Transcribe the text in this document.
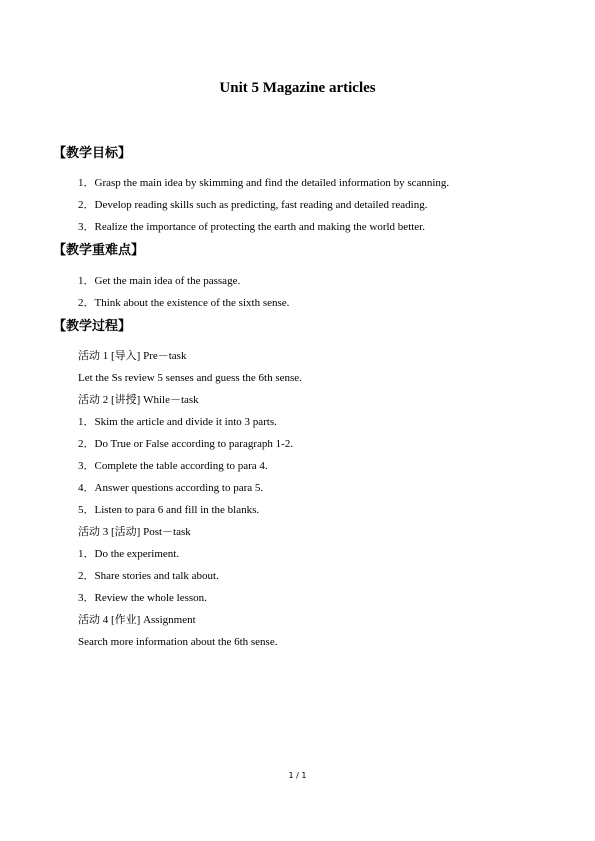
Unit 5 Magazine articles
【教学目标】
1．Grasp the main idea by skimming and find the detailed information by scanning.
2．Develop reading skills such as predicting, fast reading and detailed reading.
3．Realize the importance of protecting the earth and making the world better.
【教学重难点】
1．Get the main idea of the passage.
2．Think about the existence of the sixth sense.
【教学过程】
活动 1 [导入] Pre－task
Let the Ss review 5 senses and guess the 6th sense.
活动 2 [讲授] While－task
1．Skim the article and divide it into 3 parts.
2．Do True or False according to paragraph 1-2.
3．Complete the table according to para 4.
4．Answer questions according to para 5.
5．Listen to para 6 and fill in the blanks.
活动 3 [活动] Post－task
1．Do the experiment.
2．Share stories and talk about.
3．Review the whole lesson.
活动 4 [作业] Assignment
Search more information about the 6th sense.
1 / 1
